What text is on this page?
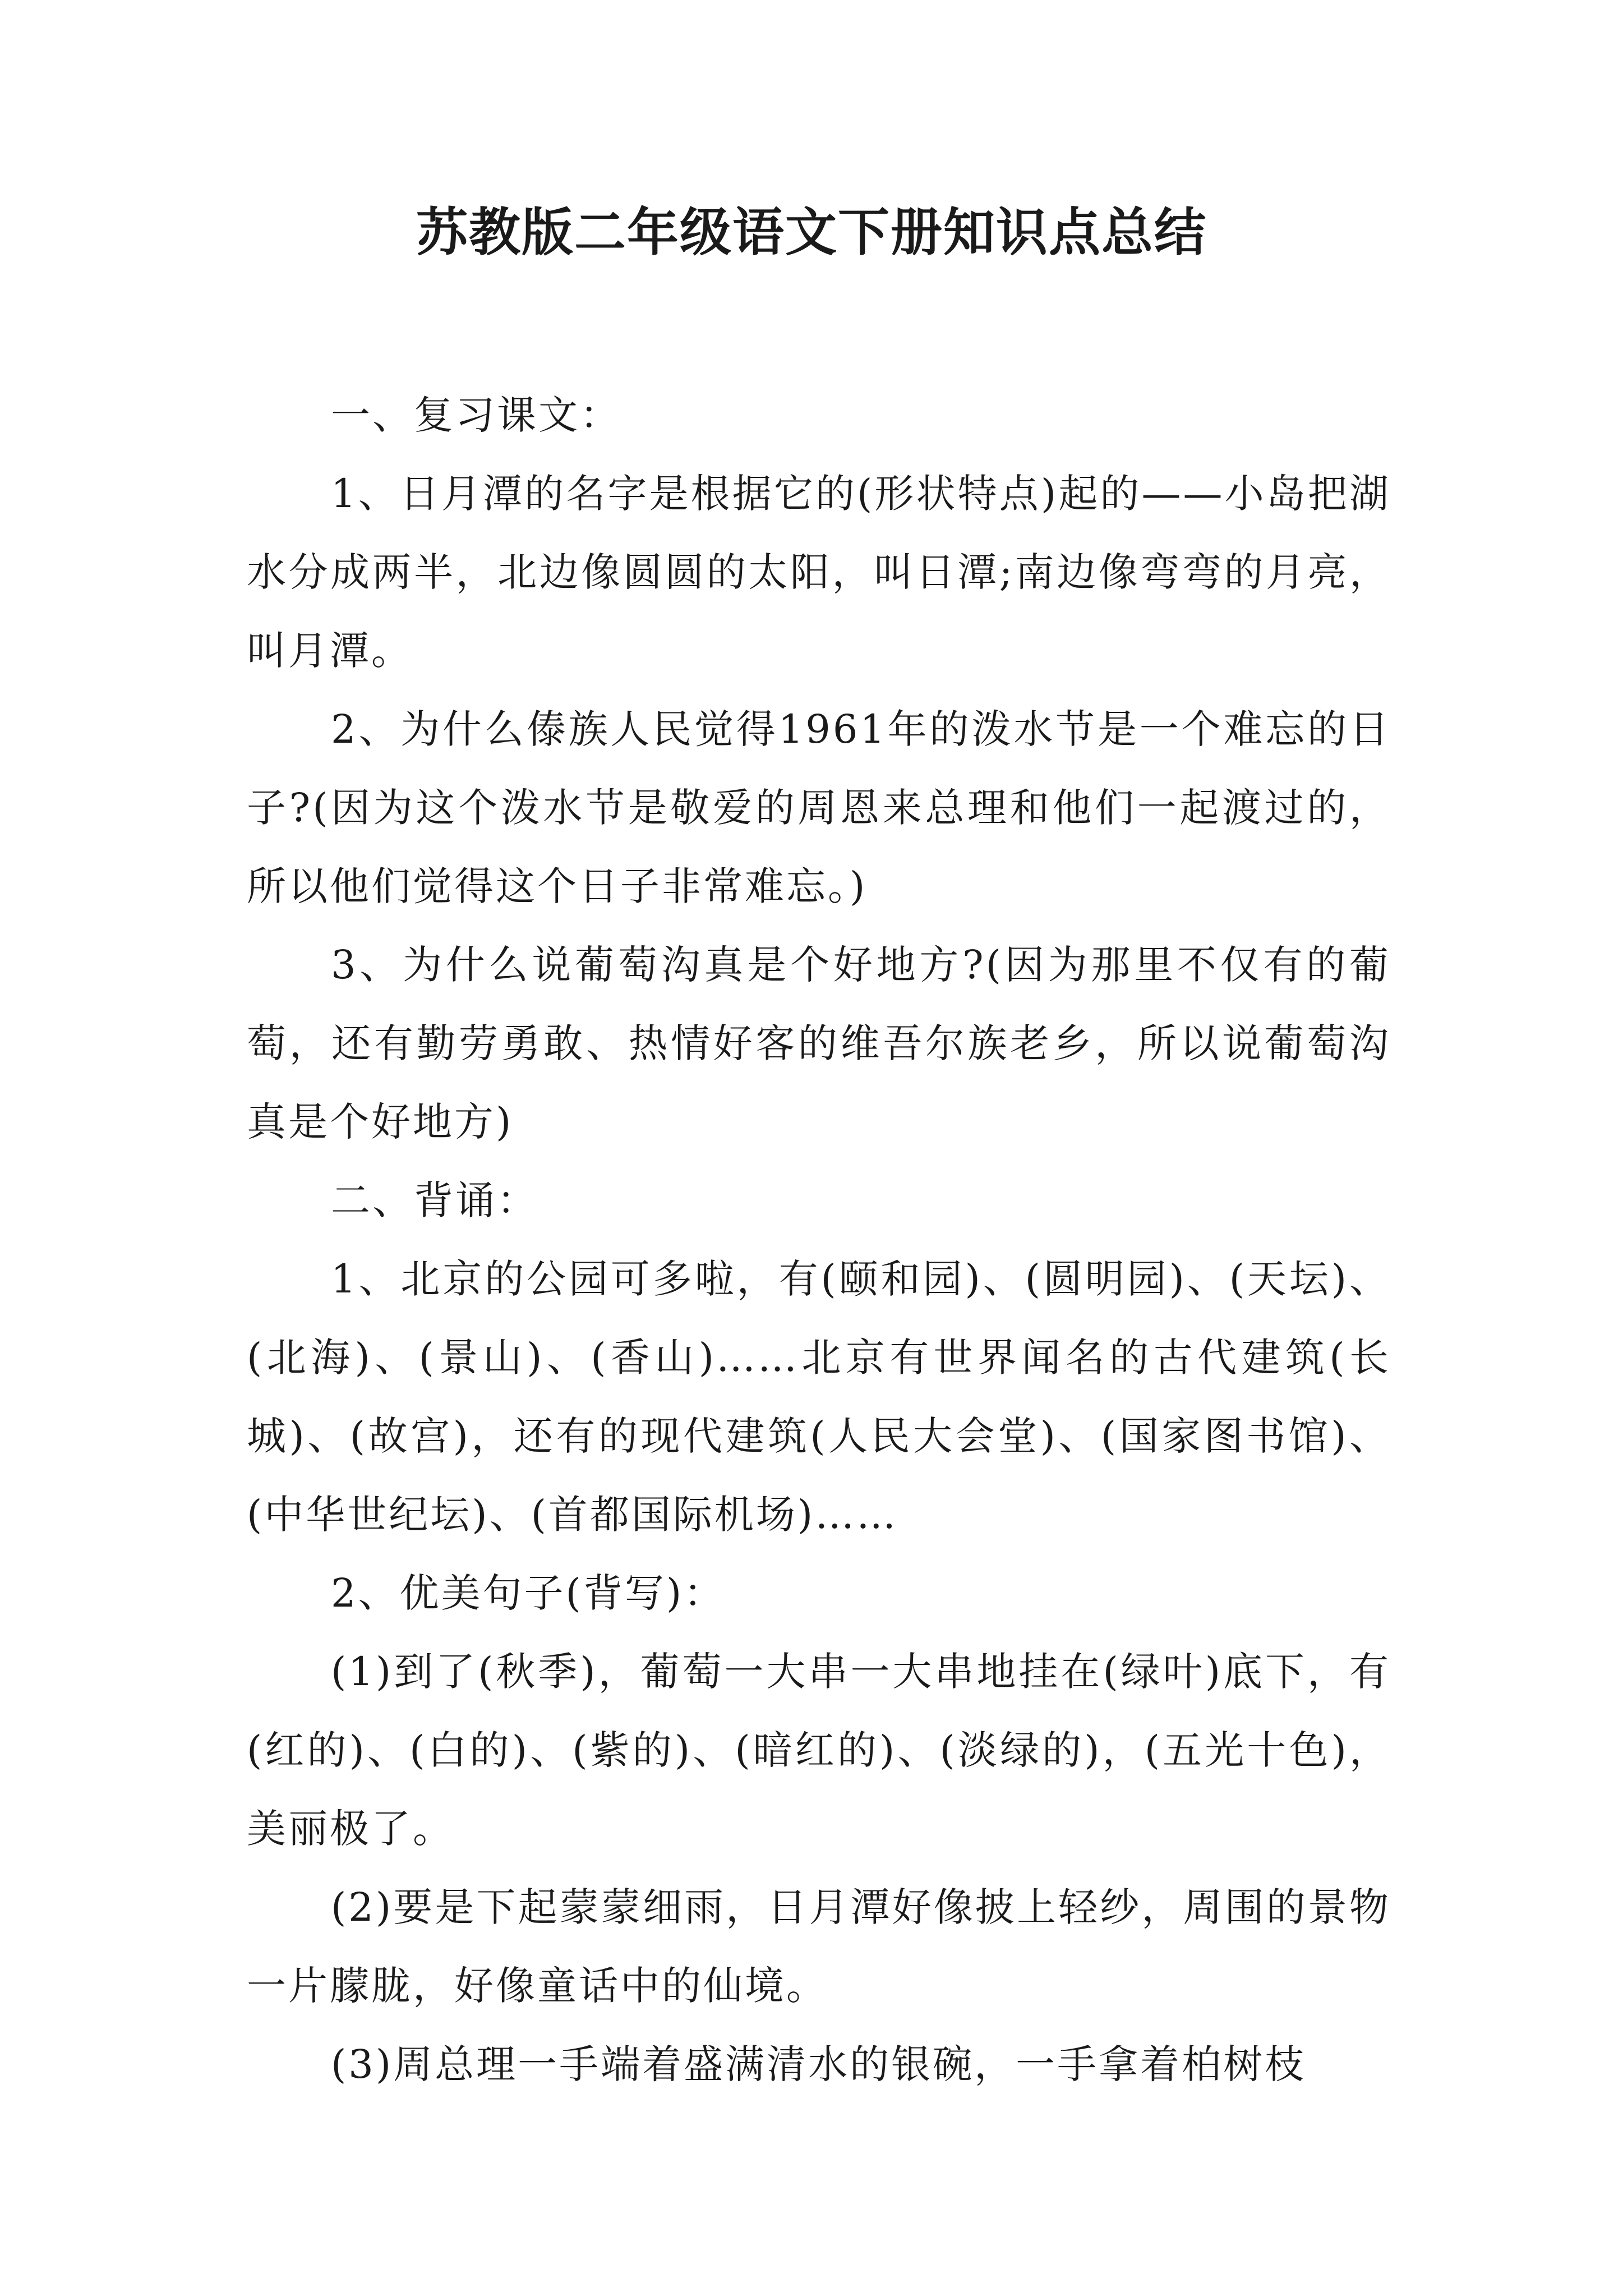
苏教版二年级语文下册知识点总结

一、复习课文：

1、日月潭的名字是根据它的(形状特点)起的——小岛把湖水分成两半，北边像圆圆的太阳，叫日潭;南边像弯弯的月亮，叫月潭。

2、为什么傣族人民觉得1961年的泼水节是一个难忘的日子?(因为这个泼水节是敬爱的周恩来总理和他们一起渡过的，所以他们觉得这个日子非常难忘。)

3、为什么说葡萄沟真是个好地方?(因为那里不仅有的葡萄，还有勤劳勇敢、热情好客的维吾尔族老乡，所以说葡萄沟真是个好地方)

二、背诵：

1、北京的公园可多啦，有(颐和园)、(圆明园)、(天坛)、(北海)、(景山)、(香山)……北京有世界闻名的古代建筑(长城)、(故宫)，还有的现代建筑(人民大会堂)、(国家图书馆)、(中华世纪坛)、(首都国际机场)……

2、优美句子(背写)：

(1)到了(秋季)，葡萄一大串一大串地挂在(绿叶)底下，有(红的)、(白的)、(紫的)、(暗红的)、(淡绿的)，(五光十色)，美丽极了。

(2)要是下起蒙蒙细雨，日月潭好像披上轻纱，周围的景物一片朦胧，好像童话中的仙境。

(3)周总理一手端着盛满清水的银碗，一手拿着柏树枝
